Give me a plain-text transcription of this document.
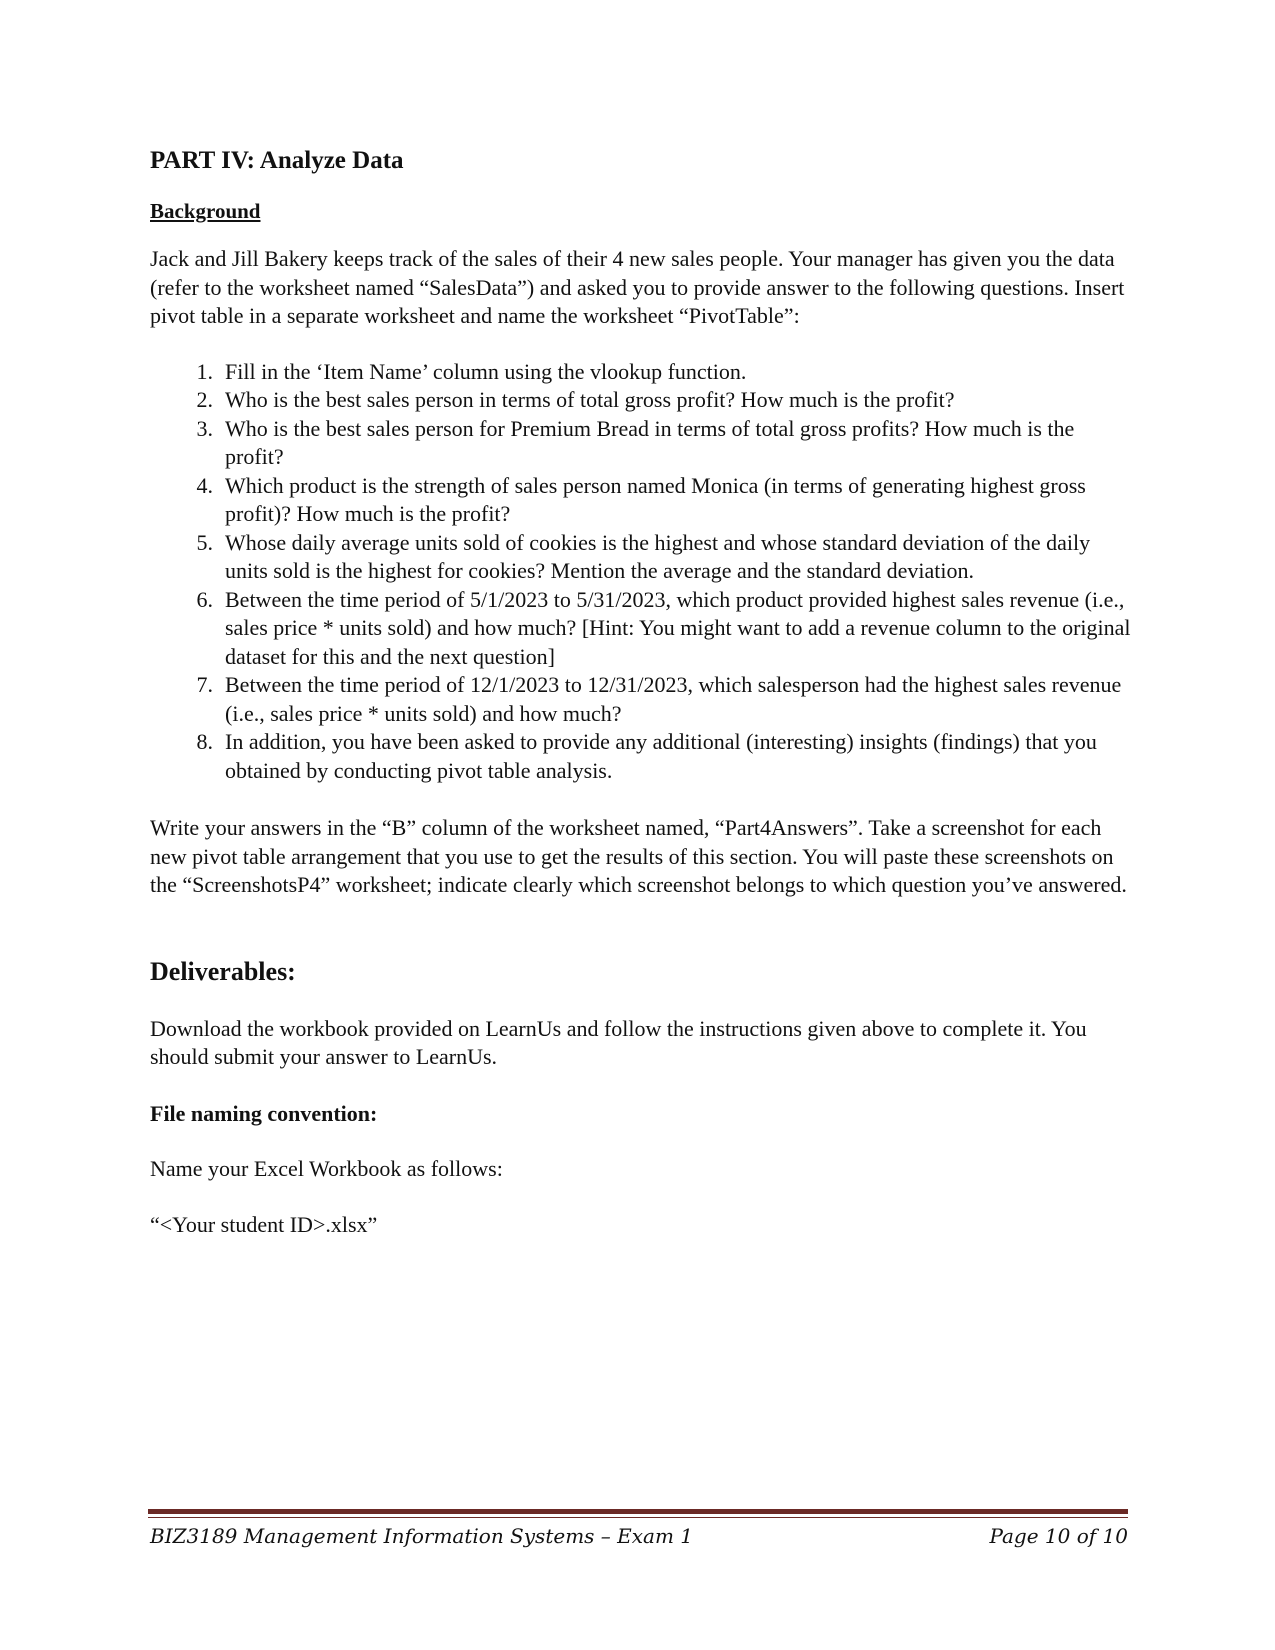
PART IV: Analyze Data
Background

Jack and Jill Bakery keeps track of the sales of their 4 new sales people. Your manager has given you the data (refer to the worksheet named “SalesData”) and asked you to provide answer to the following questions. Insert pivot table in a separate worksheet and name the worksheet “PivotTable”:

1. Fill in the ‘Item Name’ column using the vlookup function.
2. Who is the best sales person in terms of total gross profit? How much is the profit?
3. Who is the best sales person for Premium Bread in terms of total gross profits? How much is the profit?
4. Which product is the strength of sales person named Monica (in terms of generating highest gross profit)? How much is the profit?
5. Whose daily average units sold of cookies is the highest and whose standard deviation of the daily units sold is the highest for cookies? Mention the average and the standard deviation.
6. Between the time period of 5/1/2023 to 5/31/2023, which product provided highest sales revenue (i.e., sales price * units sold) and how much? [Hint: You might want to add a revenue column to the original dataset for this and the next question]
7. Between the time period of 12/1/2023 to 12/31/2023, which salesperson had the highest sales revenue (i.e., sales price * units sold) and how much?
8. In addition, you have been asked to provide any additional (interesting) insights (findings) that you obtained by conducting pivot table analysis.

Write your answers in the “B” column of the worksheet named, “Part4Answers”. Take a screenshot for each new pivot table arrangement that you use to get the results of this section. You will paste these screenshots on the “ScreenshotsP4” worksheet; indicate clearly which screenshot belongs to which question you’ve answered.

Deliverables:

Download the workbook provided on LearnUs and follow the instructions given above to complete it. You should submit your answer to LearnUs.

File naming convention:

Name your Excel Workbook as follows:

“<Your student ID>.xlsx”

BIZ3189 Management Information Systems – Exam 1	Page 10 of 10
